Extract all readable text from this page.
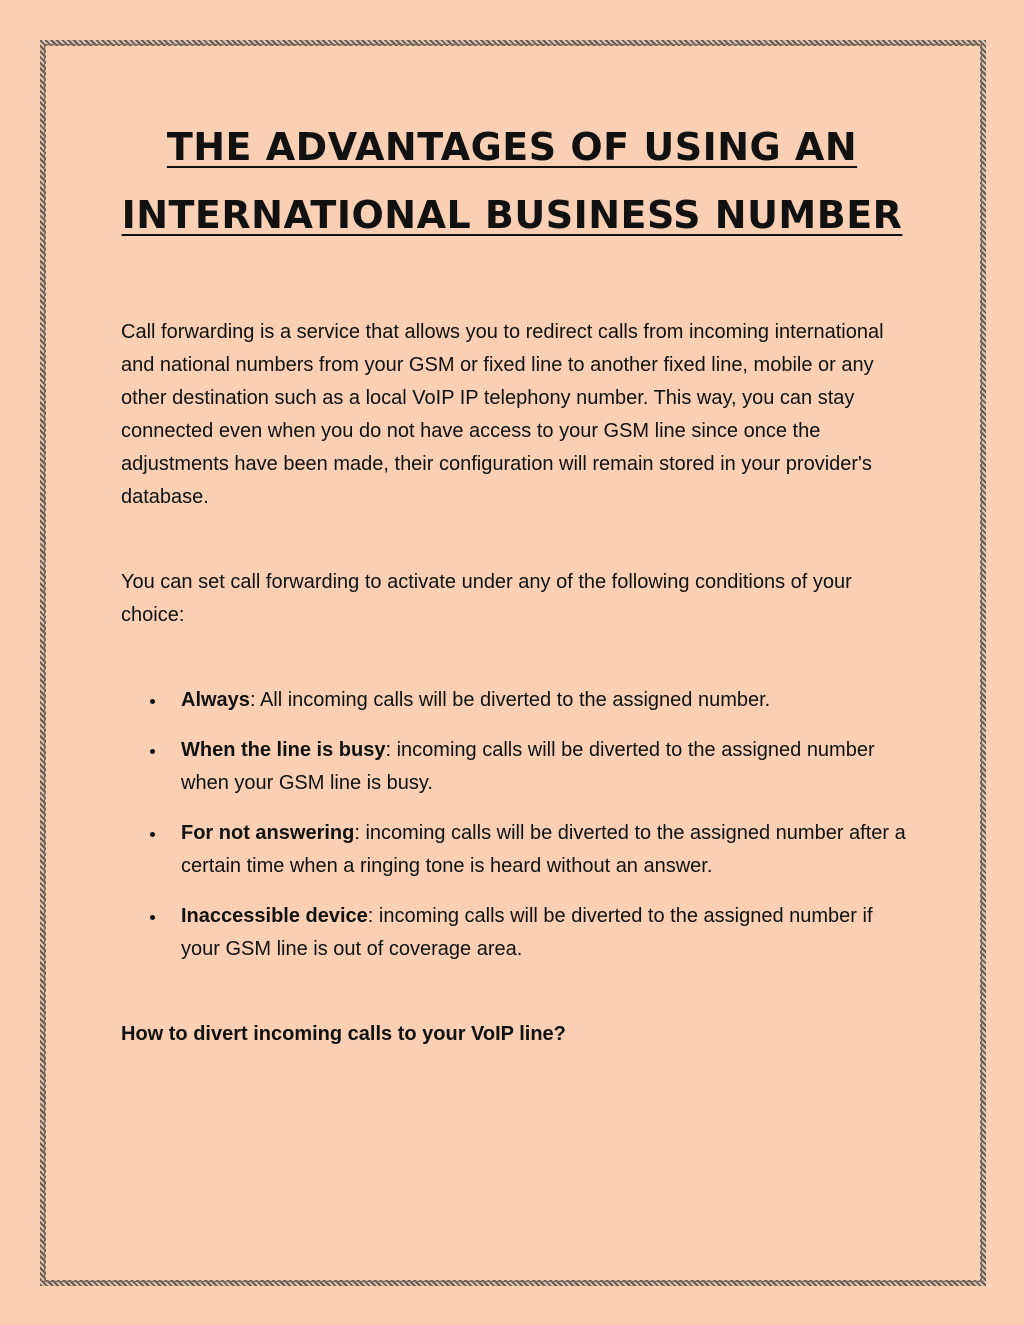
THE ADVANTAGES OF USING AN
INTERNATIONAL BUSINESS NUMBER

Call forwarding is a service that allows you to redirect calls from incoming international and national numbers from your GSM or fixed line to another fixed line, mobile or any other destination such as a local VoIP IP telephony number. This way, you can stay connected even when you do not have access to your GSM line since once the adjustments have been made, their configuration will remain stored in your provider's database.

You can set call forwarding to activate under any of the following conditions of your choice:

Always: All incoming calls will be diverted to the assigned number.
When the line is busy: incoming calls will be diverted to the assigned number when your GSM line is busy.
For not answering: incoming calls will be diverted to the assigned number after a certain time when a ringing tone is heard without an answer.
Inaccessible device: incoming calls will be diverted to the assigned number if your GSM line is out of coverage area.

How to divert incoming calls to your VoIP line?
